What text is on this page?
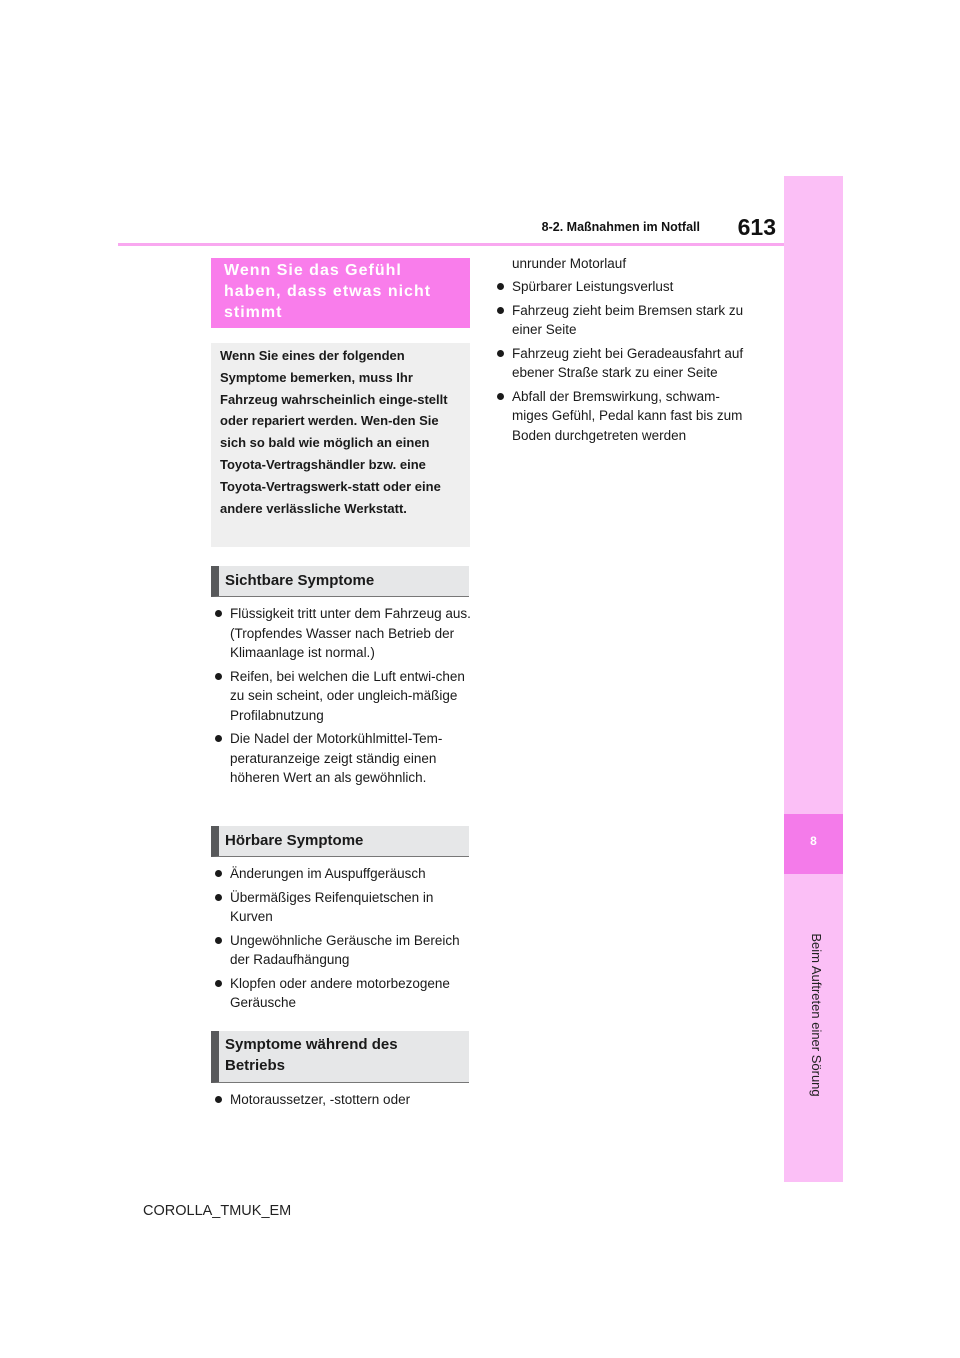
613
8-2. Maßnahmen im Notfall
8
Beim Auftreten einer Sörung
Wenn Sie das Gefühl haben, dass etwas nicht stimmt
Wenn Sie eines der folgenden Symptome bemerken, muss Ihr Fahrzeug wahrscheinlich einge-stellt oder repariert werden. Wen-den Sie sich so bald wie möglich an einen Toyota-Vertragshändler bzw. eine Toyota-Vertragswerk-statt oder eine andere verlässliche Werkstatt.
Sichtbare Symptome
Flüssigkeit tritt unter dem Fahrzeug aus. (Tropfendes Wasser nach Betrieb der Klimaanlage ist normal.)
Reifen, bei welchen die Luft entwi-chen zu sein scheint, oder ungleich-mäßige Profilabnutzung
Die Nadel der Motorkühlmittel-Tem-peraturanzeige zeigt ständig einen höheren Wert an als gewöhnlich.
Hörbare Symptome
Änderungen im Auspuffgeräusch
Übermäßiges Reifenquietschen in Kurven
Ungewöhnliche Geräusche im Bereich der Radaufhängung
Klopfen oder andere motorbezogene Geräusche
Symptome während des Betriebs
Motoraussetzer, -stottern oder
unrunder Motorlauf
Spürbarer Leistungsverlust
Fahrzeug zieht beim Bremsen stark zu einer Seite
Fahrzeug zieht bei Geradeausfahrt auf ebener Straße stark zu einer Seite
Abfall der Bremswirkung, schwam-miges Gefühl, Pedal kann fast bis zum Boden durchgetreten werden
COROLLA_TMUK_EM
